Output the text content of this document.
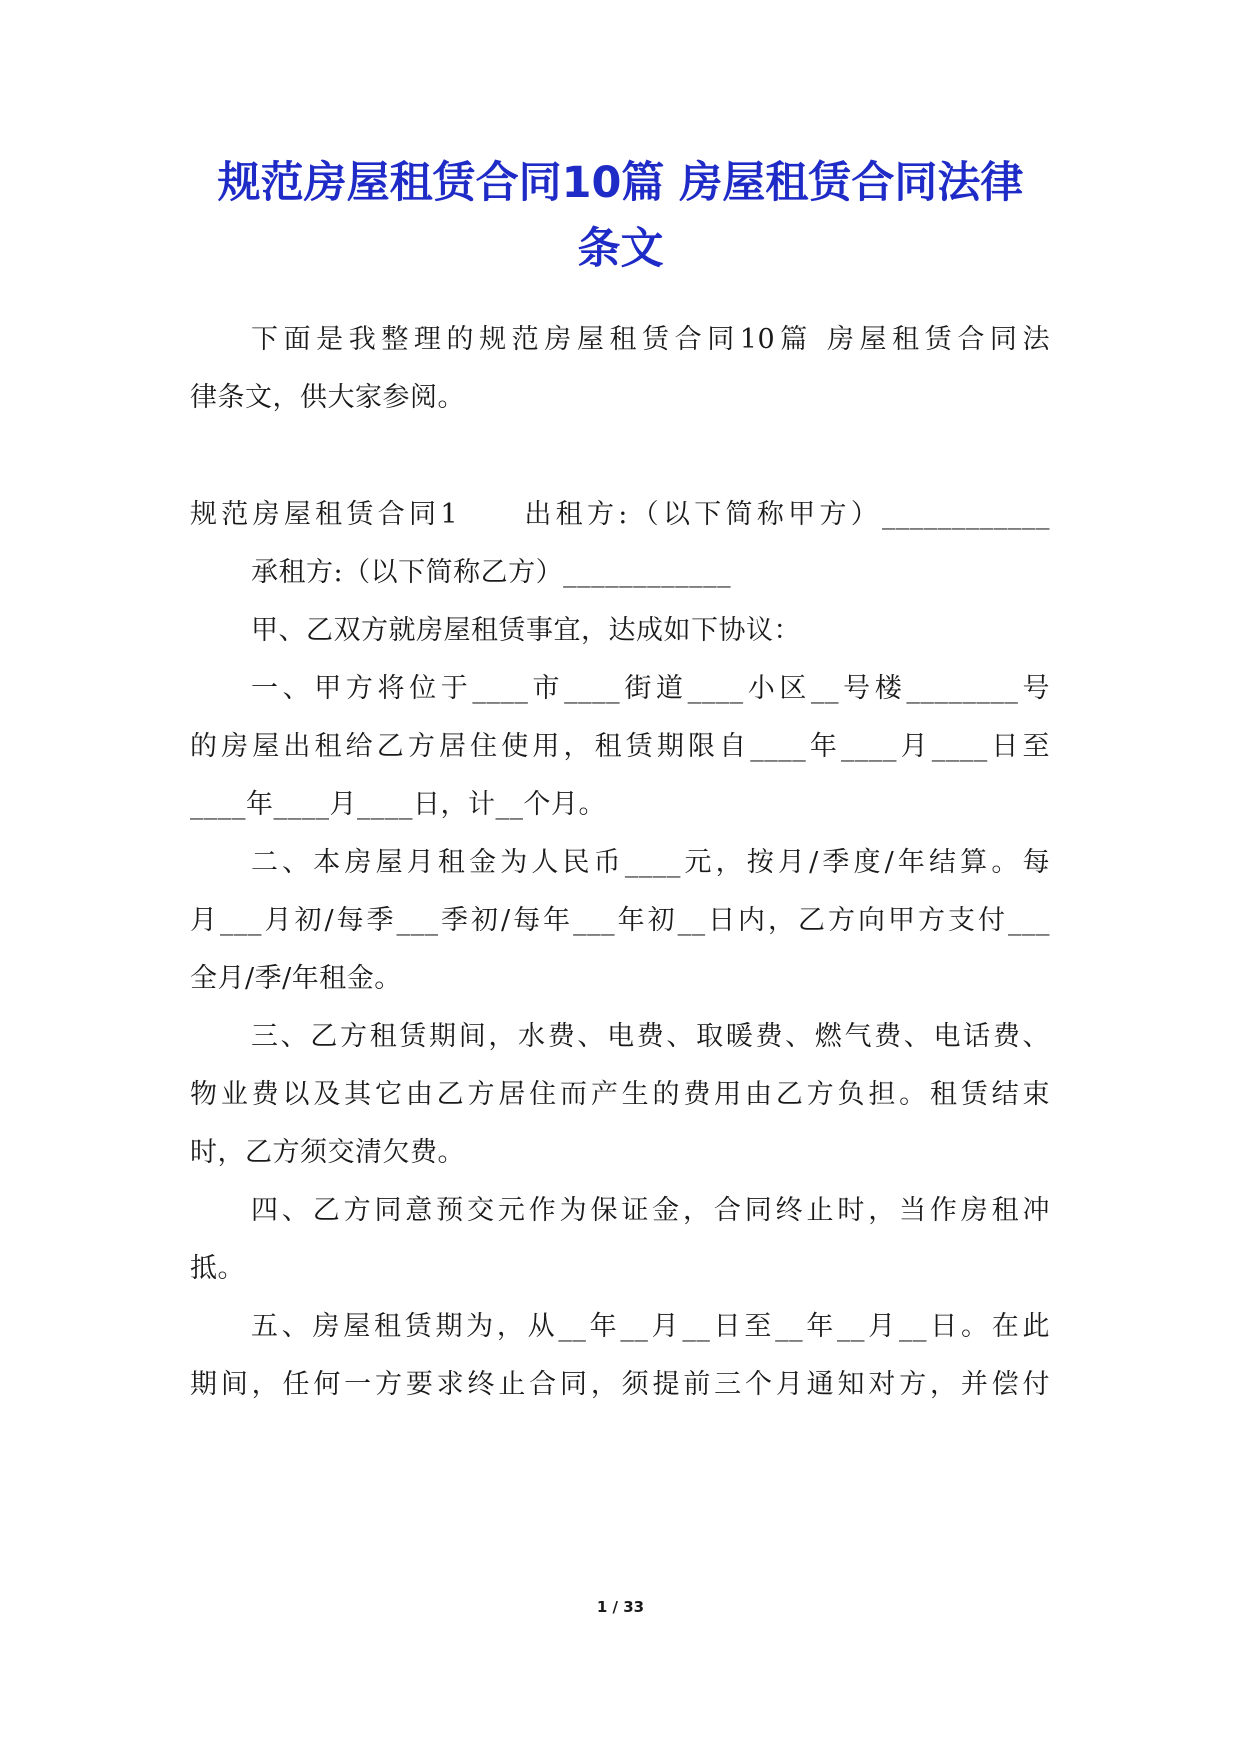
规范房屋租赁合同10篇 房屋租赁合同法律
条文
下面是我整理的规范房屋租赁合同10篇 房屋租赁合同法
律条文，供大家参阅。
规范房屋租赁合同1　　出租方:（以下简称甲方）____________
承租方:（以下简称乙方）____________
甲、乙双方就房屋租赁事宜，达成如下协议：
一、甲方将位于____市____街道____小区__号楼________号
的房屋出租给乙方居住使用，租赁期限自____年____月____日至
____年____月____日，计__个月。
二、本房屋月租金为人民币____元，按月/季度/年结算。每
月___月初/每季___季初/每年___年初__日内，乙方向甲方支付___
全月/季/年租金。
三、乙方租赁期间，水费、电费、取暖费、燃气费、电话费、
物业费以及其它由乙方居住而产生的费用由乙方负担。租赁结束
时，乙方须交清欠费。
四、乙方同意预交元作为保证金，合同终止时，当作房租冲
抵。
五、房屋租赁期为，从__年__月__日至__年__月__日。在此
期间，任何一方要求终止合同，须提前三个月通知对方，并偿付
1 / 33
